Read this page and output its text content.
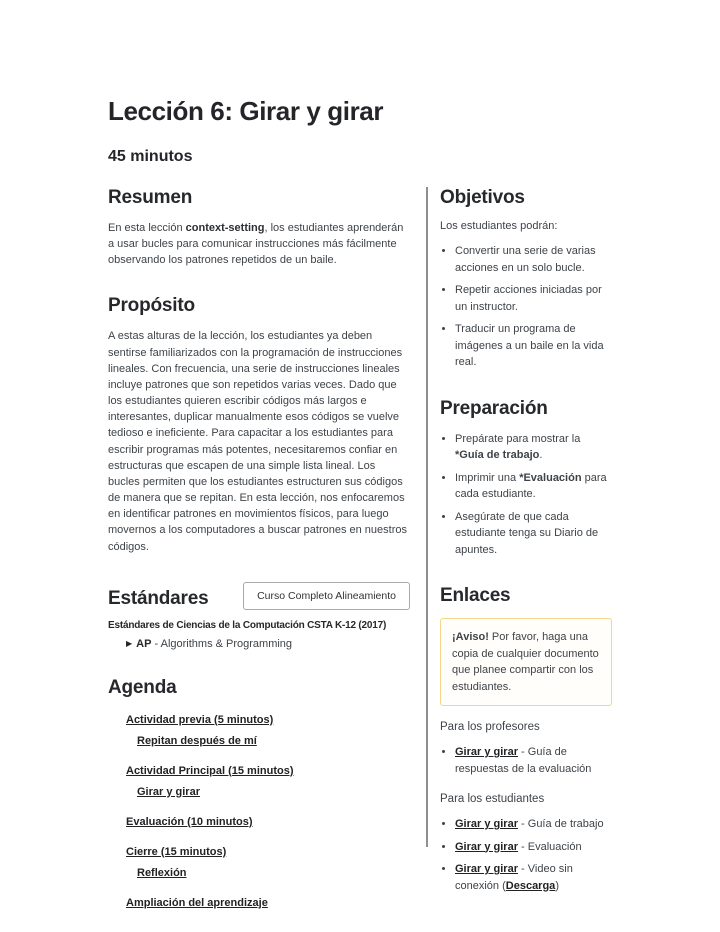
Lección 6: Girar y girar
45 minutos
Resumen

En esta lección context-setting, los estudiantes aprenderán a usar bucles para comunicar instrucciones más fácilmente observando los patrones repetidos de un baile.

Propósito

A estas alturas de la lección, los estudiantes ya deben sentirse familiarizados con la programación de instrucciones lineales. Con frecuencia, una serie de instrucciones lineales incluye patrones que son repetidos varias veces. Dado que los estudiantes quieren escribir códigos más largos e interesantes, duplicar manualmente esos códigos se vuelve tedioso e ineficiente. Para capacitar a los estudiantes para escribir programas más potentes, necesitaremos confiar en estructuras que escapen de una simple lista lineal. Los bucles permiten que los estudiantes estructuren sus códigos de manera que se repitan. En esta lección, nos enfocaremos en identificar patrones en movimientos físicos, para luego movernos a los computadores a buscar patrones en nuestros códigos.

Estándares	Curso Completo Alineamiento
Estándares de Ciencias de la Computación CSTA K-12 (2017)
▶ AP - Algorithms & Programming
Agenda
Actividad previa (5 minutos)
Repitan después de mí
Actividad Principal (15 minutos)
Girar y girar
Evaluación (10 minutos)
Cierre (15 minutos)
Reflexión
Ampliación del aprendizaje
Objetivos

Los estudiantes podrán:

• Convertir una serie de varias acciones en un solo bucle.
• Repetir acciones iniciadas por un instructor.
• Traducir un programa de imágenes a un baile en la vida real.
Preparación
• Prepárate para mostrar la *Guía de trabajo.
• Imprimir una *Evaluación para cada estudiante.
• Asegúrate de que cada estudiante tenga su Diario de apuntes.
Enlaces
¡Aviso! Por favor, haga una copia de cualquier documento que planee compartir con los estudiantes.

Para los profesores

• Girar y girar - Guía de respuestas de la evaluación

Para los estudiantes

• Girar y girar - Guía de trabajo
• Girar y girar - Evaluación
• Girar y girar - Video sin conexión (Descarga)
